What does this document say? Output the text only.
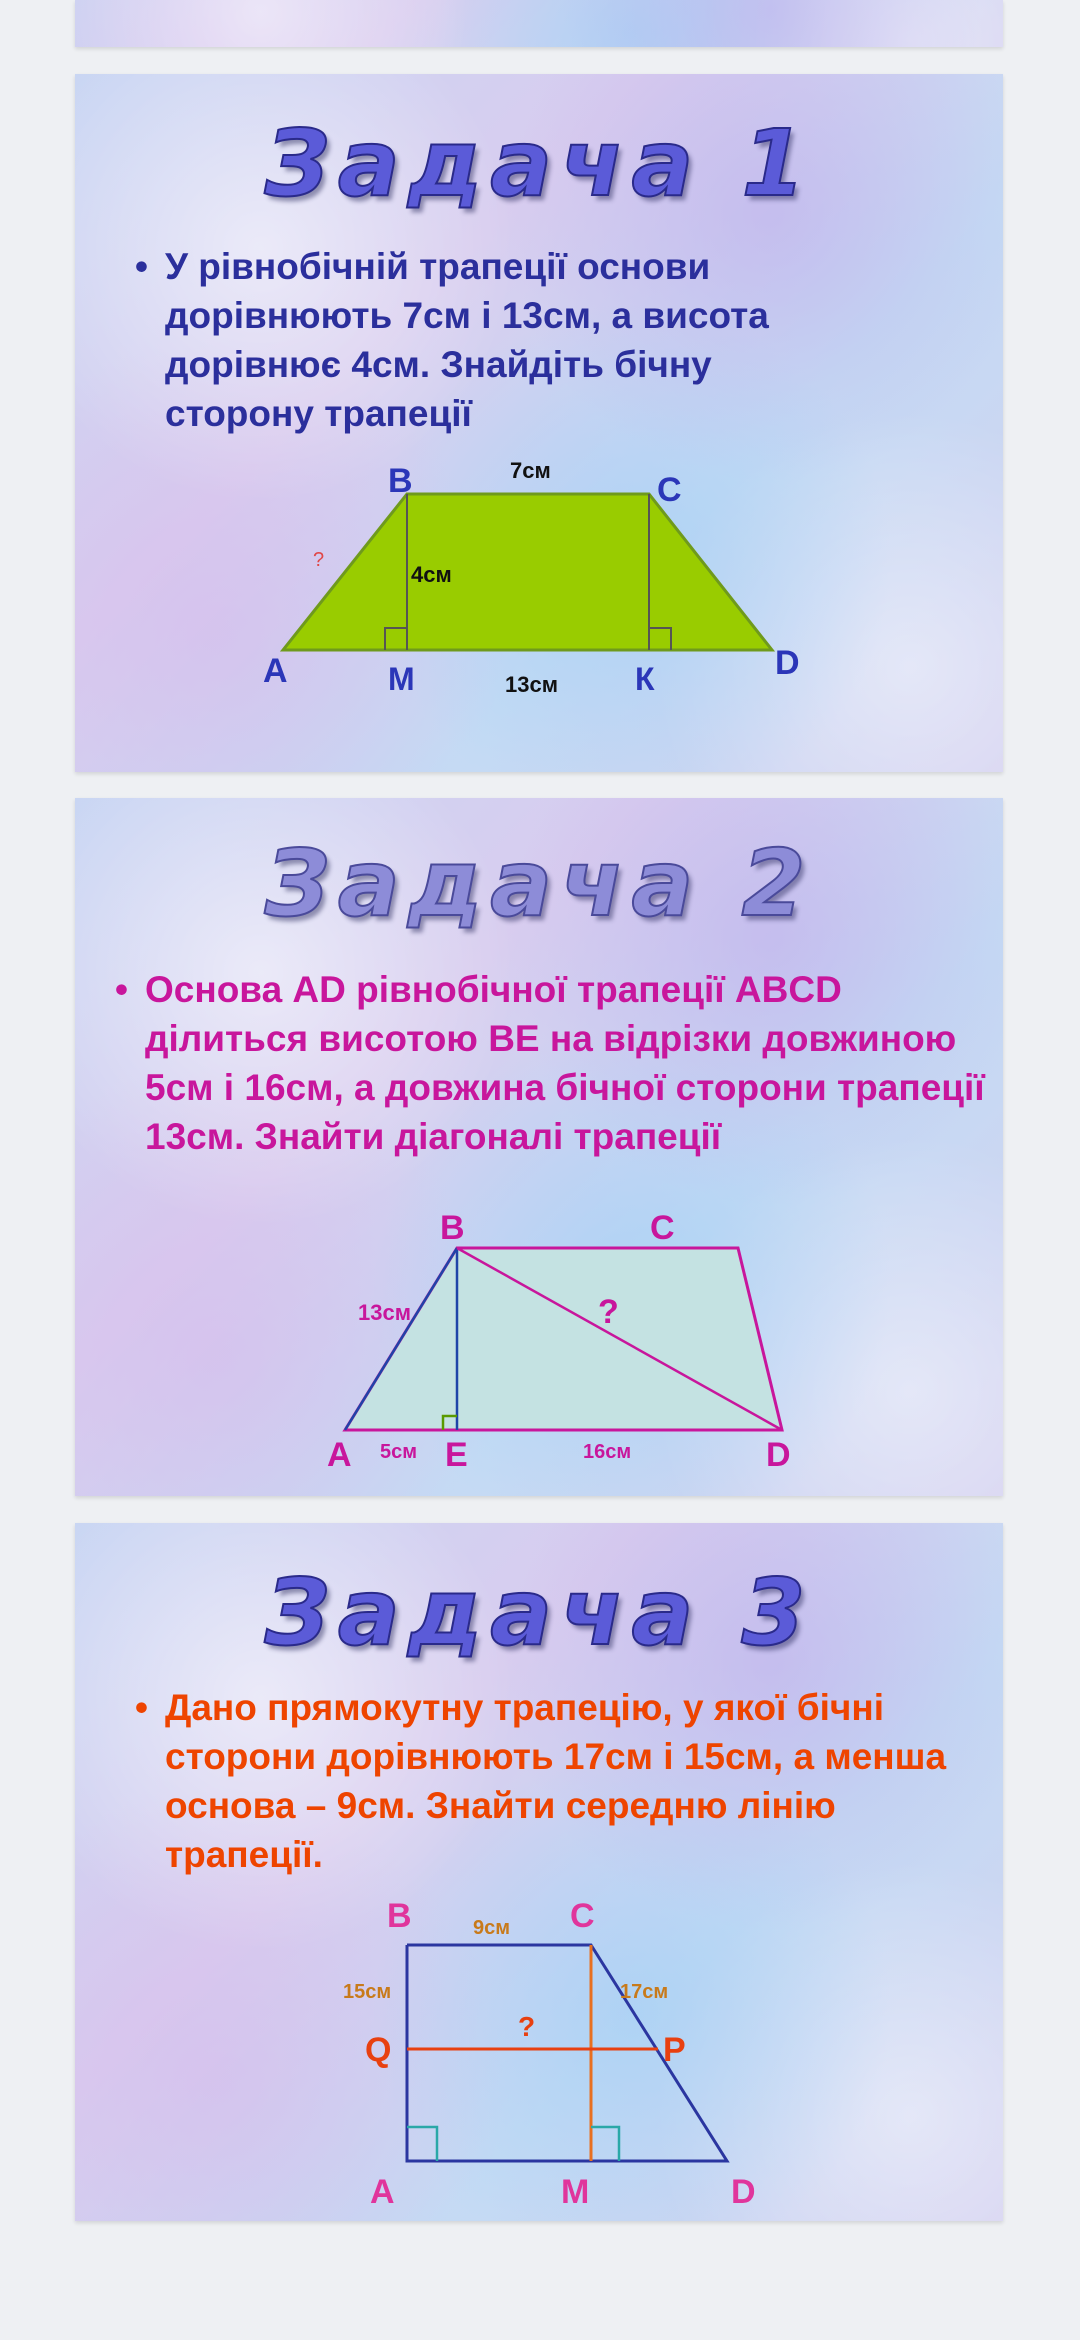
Задача 1

• У рівнобічній трапеції основи дорівнюють 7см і 13см, а висота дорівнює 4см. Знайдіть бічну сторону трапеції

B	C
A	D
M	К
7см
13см
4см
?
Задача 2

• Основа AD рівнобічної трапеції ABCD ділиться висотою BE на відрізки довжиною 5см і 16см, а довжина бічної сторони трапеції 13см. Знайти діагоналі трапеції

B	C
A	E	D
13см
5см	16см
?
Задача 3

• Дано прямокутну трапецію, у якої бічні сторони дорівнюють 17см і 15см, а менша основа – 9см. Знайти середню лінію трапеції.

B	C
A	M	D
Q	P
9см
15см	17см
?
